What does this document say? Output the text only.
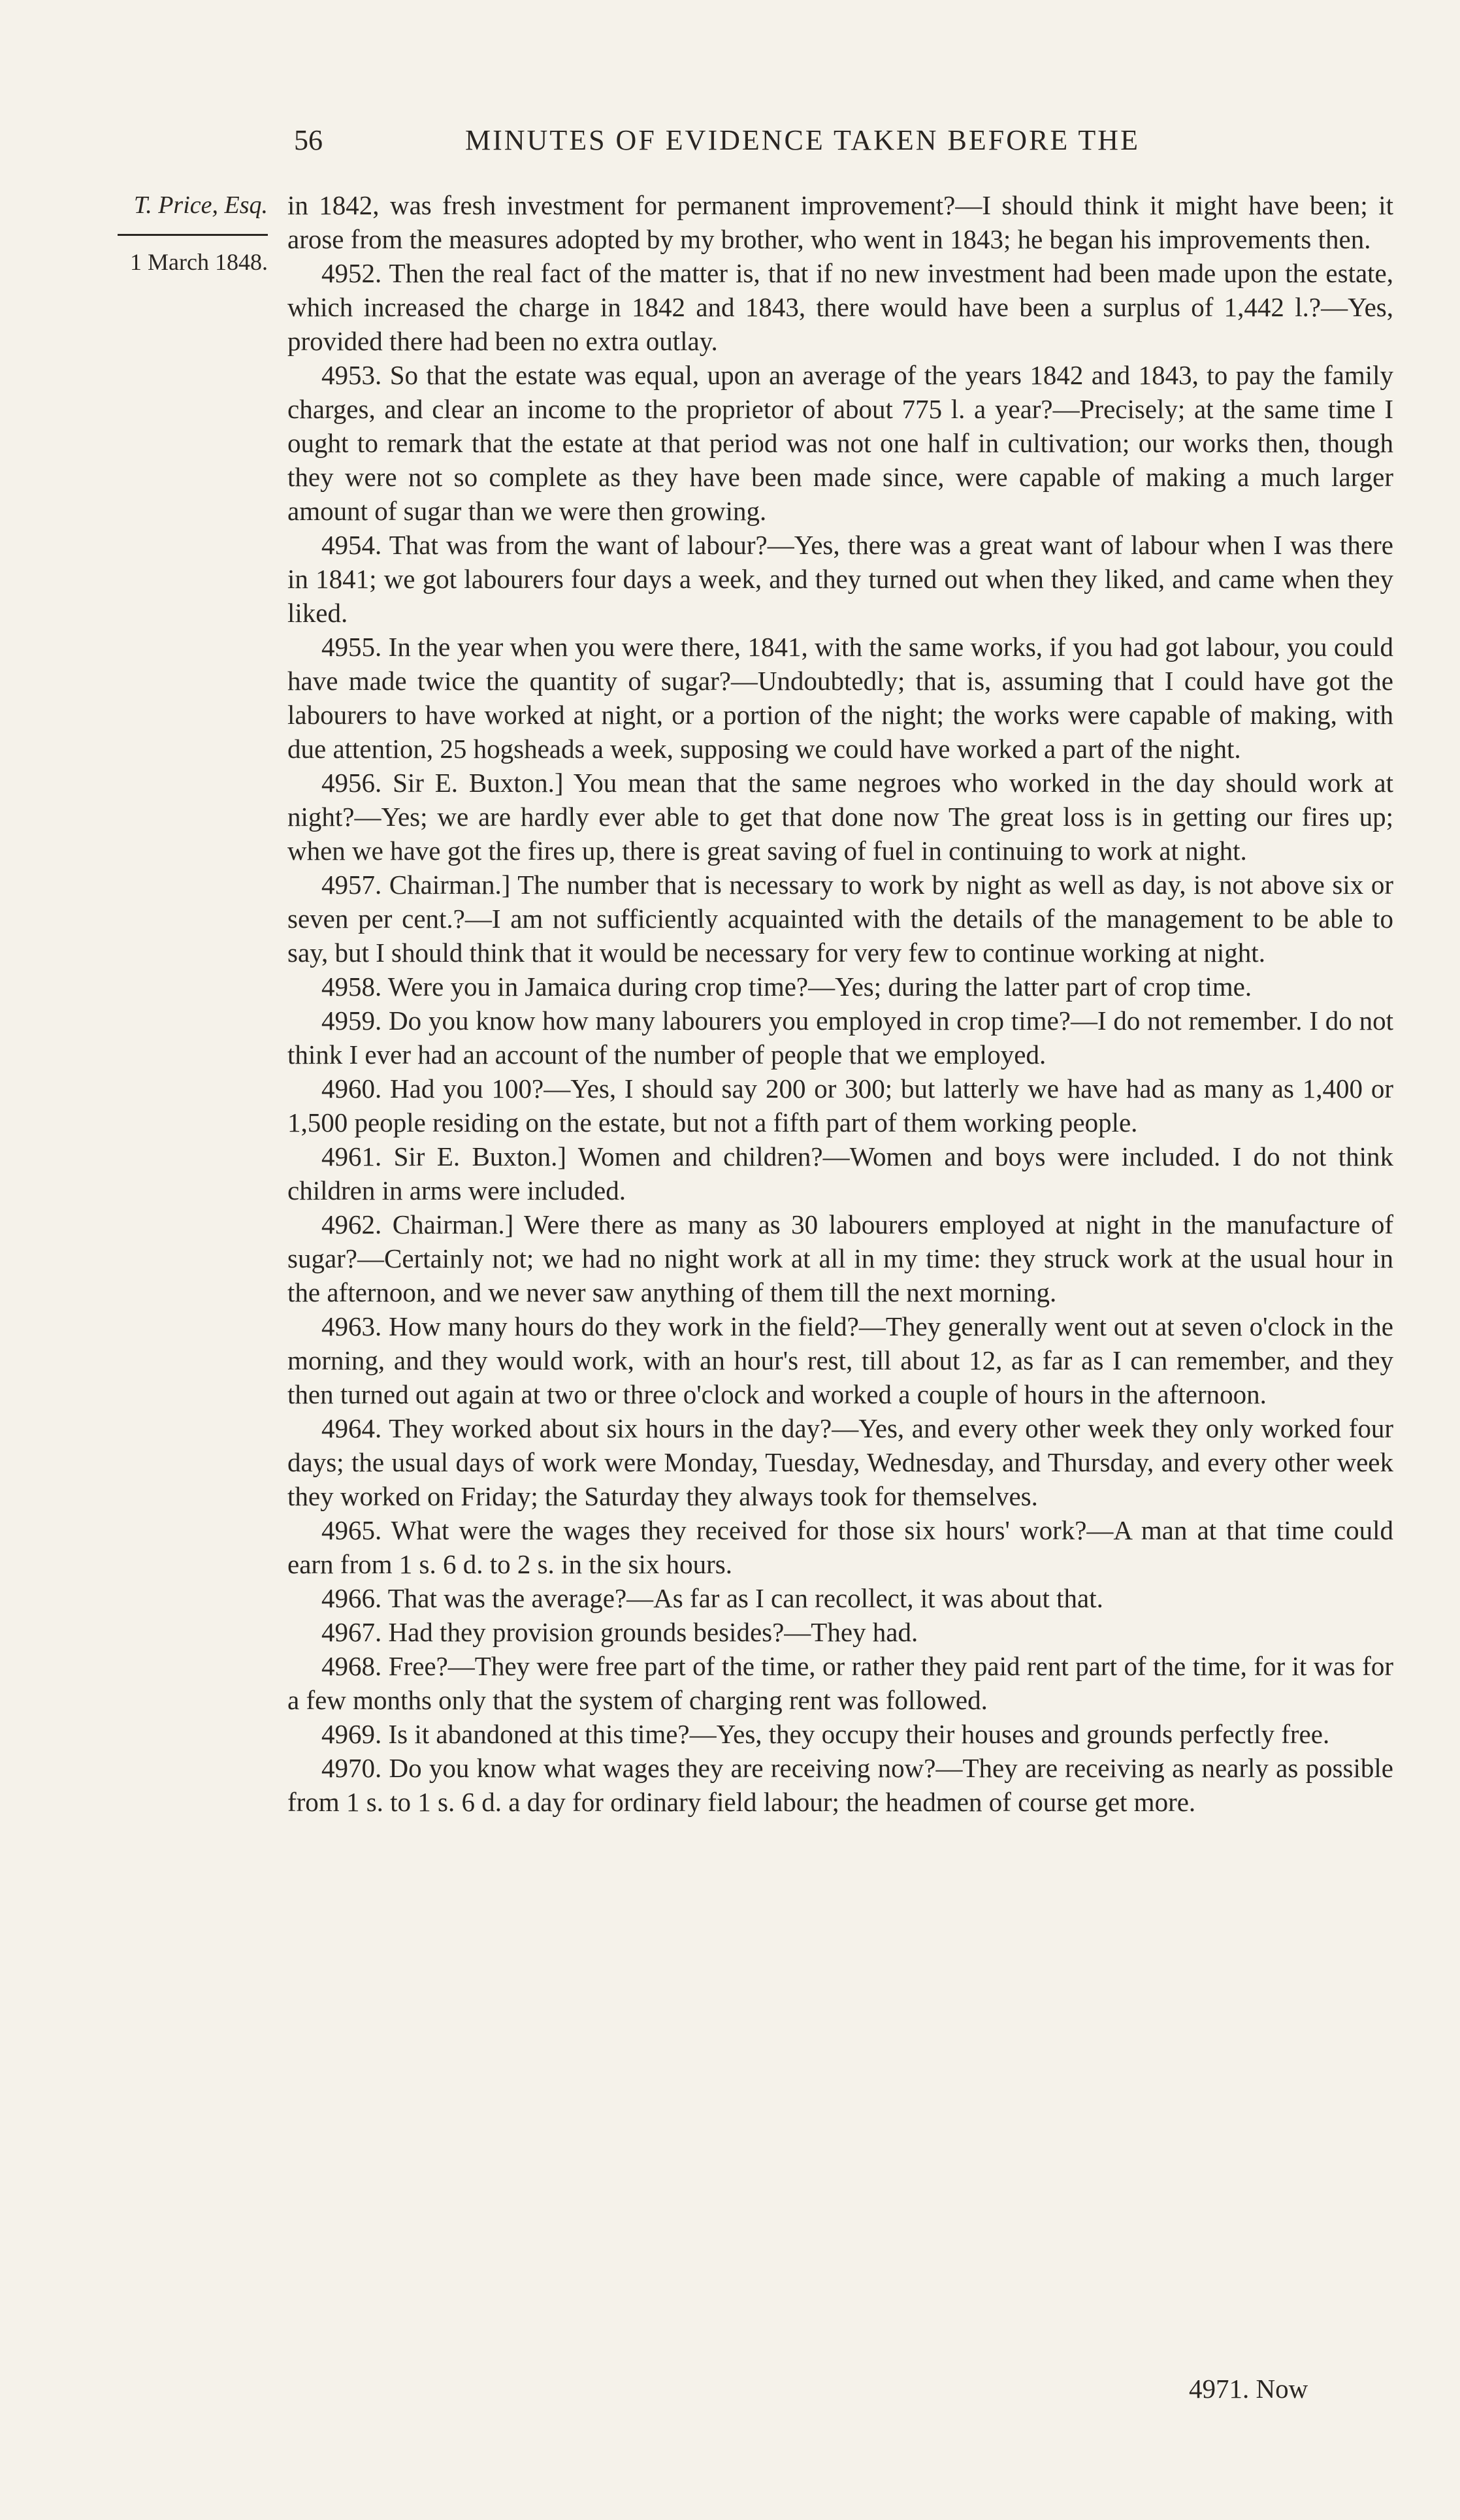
56	MINUTES OF EVIDENCE TAKEN BEFORE THE
T. Price, Esq.
1 March 1848.

in 1842, was fresh investment for permanent improvement?—I should think it might have been; it arose from the measures adopted by my brother, who went in 1843; he began his improvements then.

4952. Then the real fact of the matter is, that if no new investment had been made upon the estate, which increased the charge in 1842 and 1843, there would have been a surplus of 1,442 l.?—Yes, provided there had been no extra outlay.

4953. So that the estate was equal, upon an average of the years 1842 and 1843, to pay the family charges, and clear an income to the proprietor of about 775 l. a year?—Precisely; at the same time I ought to remark that the estate at that period was not one half in cultivation; our works then, though they were not so complete as they have been made since, were capable of making a much larger amount of sugar than we were then growing.

4954. That was from the want of labour?—Yes, there was a great want of labour when I was there in 1841; we got labourers four days a week, and they turned out when they liked, and came when they liked.

4955. In the year when you were there, 1841, with the same works, if you had got labour, you could have made twice the quantity of sugar?—Undoubtedly; that is, assuming that I could have got the labourers to have worked at night, or a portion of the night; the works were capable of making, with due attention, 25 hogsheads a week, supposing we could have worked a part of the night.

4956. Sir E. Buxton.] You mean that the same negroes who worked in the day should work at night?—Yes; we are hardly ever able to get that done now The great loss is in getting our fires up; when we have got the fires up, there is great saving of fuel in continuing to work at night.

4957. Chairman.] The number that is necessary to work by night as well as day, is not above six or seven per cent.?—I am not sufficiently acquainted with the details of the management to be able to say, but I should think that it would be necessary for very few to continue working at night.

4958. Were you in Jamaica during crop time?—Yes; during the latter part of crop time.

4959. Do you know how many labourers you employed in crop time?—I do not remember. I do not think I ever had an account of the number of people that we employed.

4960. Had you 100?—Yes, I should say 200 or 300; but latterly we have had as many as 1,400 or 1,500 people residing on the estate, but not a fifth part of them working people.

4961. Sir E. Buxton.] Women and children?—Women and boys were included. I do not think children in arms were included.

4962. Chairman.] Were there as many as 30 labourers employed at night in the manufacture of sugar?—Certainly not; we had no night work at all in my time: they struck work at the usual hour in the afternoon, and we never saw anything of them till the next morning.

4963. How many hours do they work in the field?—They generally went out at seven o'clock in the morning, and they would work, with an hour's rest, till about 12, as far as I can remember, and they then turned out again at two or three o'clock and worked a couple of hours in the afternoon.

4964. They worked about six hours in the day?—Yes, and every other week they only worked four days; the usual days of work were Monday, Tuesday, Wednesday, and Thursday, and every other week they worked on Friday; the Saturday they always took for themselves.

4965. What were the wages they received for those six hours' work?—A man at that time could earn from 1 s. 6 d. to 2 s. in the six hours.

4966. That was the average?—As far as I can recollect, it was about that.

4967. Had they provision grounds besides?—They had.

4968. Free?—They were free part of the time, or rather they paid rent part of the time, for it was for a few months only that the system of charging rent was followed.

4969. Is it abandoned at this time?—Yes, they occupy their houses and grounds perfectly free.

4970. Do you know what wages they are receiving now?—They are receiving as nearly as possible from 1 s. to 1 s. 6 d. a day for ordinary field labour; the headmen of course get more.

4971. Now
